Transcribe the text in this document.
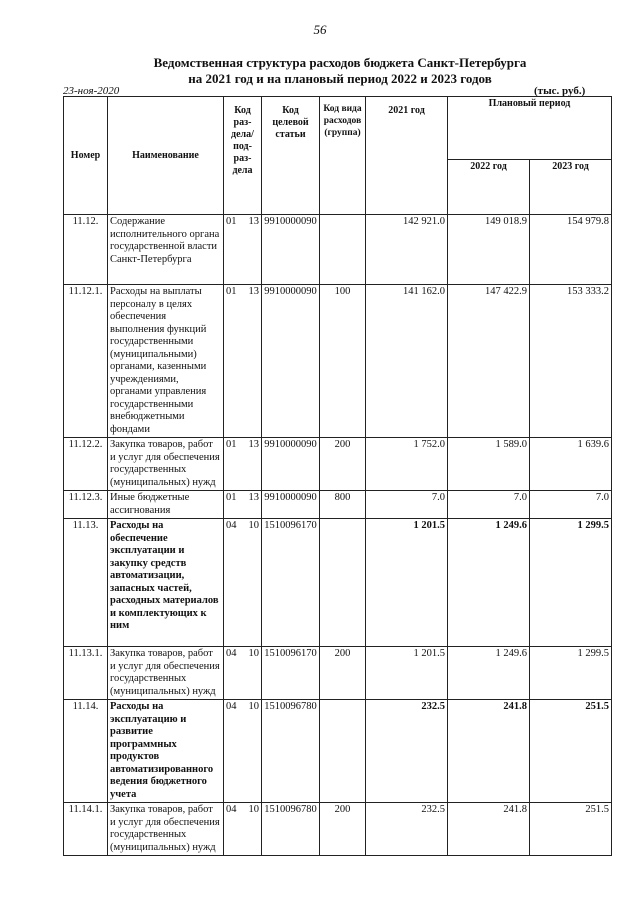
56
Ведомственная структура расходов бюджета Санкт-Петербурга
на 2021 год и на плановый период 2022 и 2023 годов
23-ноя-2020	(тыс. руб.)
Номер	Наименование	Код раз-дела/ под-раз-дела	Код целевой статьи	Код вида расходов (группа)	2021 год	Плановый период	
						2022 год	2023 год
11.12.	Содержание исполнительного органа государственной власти Санкт-Петербурга	01 13	9910000090		142 921.0	149 018.9	154 979.8
11.12.1.	Расходы на выплаты персоналу в целях обеспечения выполнения функций государственными (муниципальными) органами, казенными учреждениями, органами управления государственными внебюджетными фондами	01 13	9910000090	100	141 162.0	147 422.9	153 333.2
11.12.2.	Закупка товаров, работ и услуг для обеспечения государственных (муниципальных) нужд	01 13	9910000090	200	1 752.0	1 589.0	1 639.6
11.12.3.	Иные бюджетные ассигнования	01 13	9910000090	800	7.0	7.0	7.0
11.13.	Расходы на обеспечение эксплуатации и закупку средств автоматизации, запасных частей, расходных материалов и комплектующих к ним	04 10	1510096170		1 201.5	1 249.6	1 299.5
11.13.1.	Закупка товаров, работ и услуг для обеспечения государственных (муниципальных) нужд	04 10	1510096170	200	1 201.5	1 249.6	1 299.5
11.14.	Расходы на эксплуатацию и развитие программных продуктов автоматизированного ведения бюджетного учета	04 10	1510096780		232.5	241.8	251.5
11.14.1.	Закупка товаров, работ и услуг для обеспечения государственных (муниципальных) нужд	04 10	1510096780	200	232.5	241.8	251.5
